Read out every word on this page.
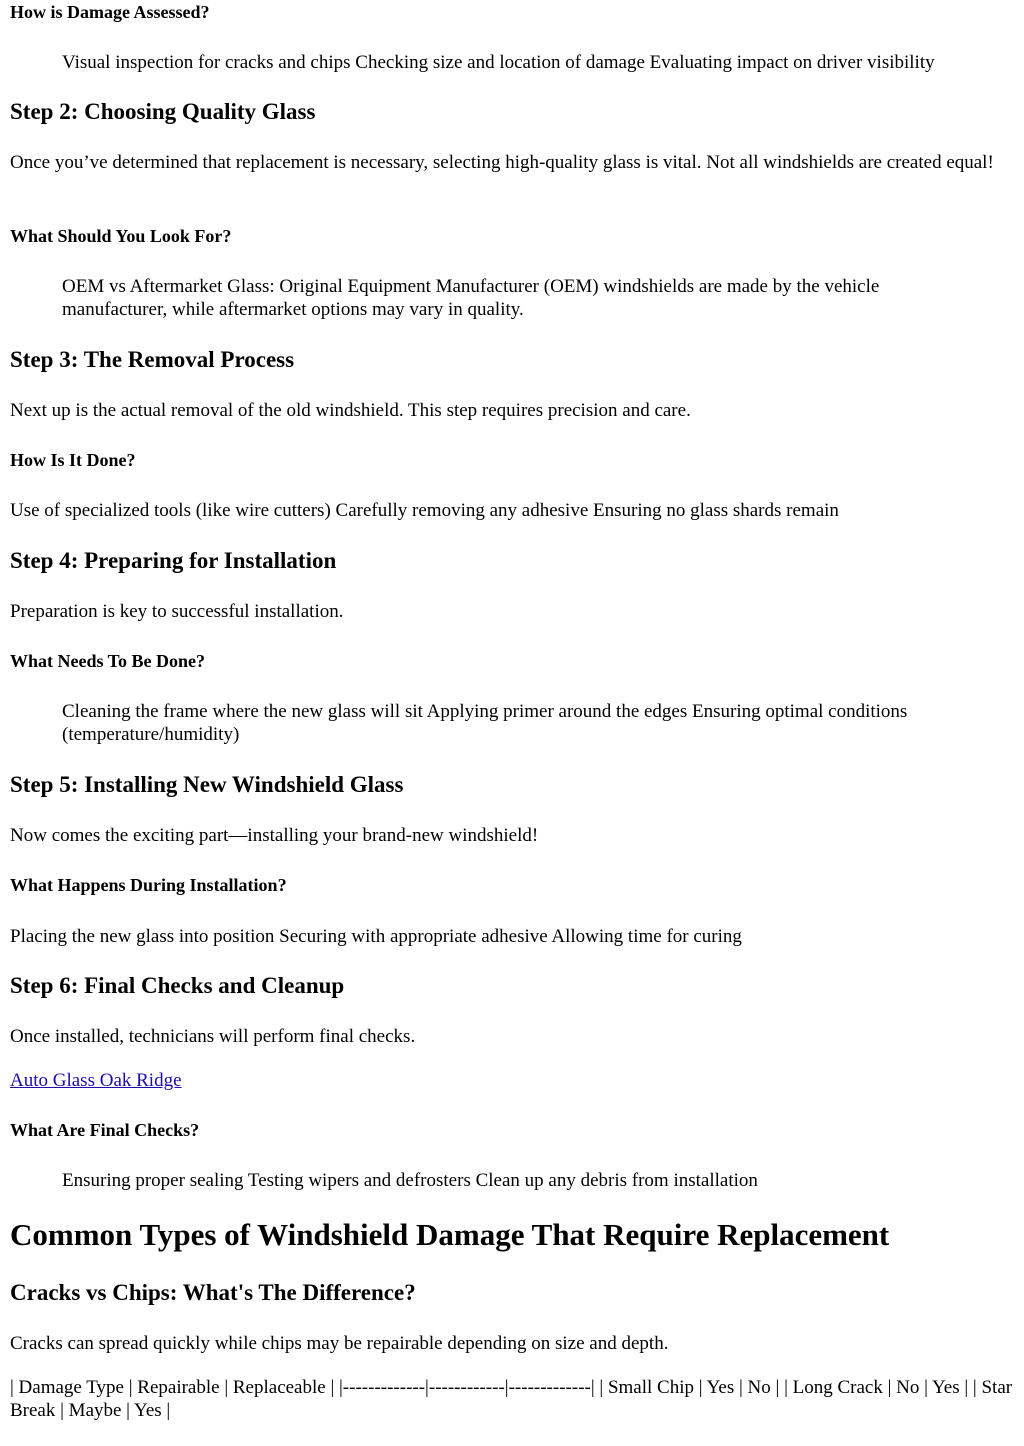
How is Damage Assessed?

Visual inspection for cracks and chips Checking size and location of damage Evaluating impact on driver visibility

Step 2: Choosing Quality Glass

Once you’ve determined that replacement is necessary, selecting high-quality glass is vital. Not all windshields are created equal!

What Should You Look For?

OEM vs Aftermarket Glass: Original Equipment Manufacturer (OEM) windshields are made by the vehicle manufacturer, while aftermarket options may vary in quality.

Step 3: The Removal Process

Next up is the actual removal of the old windshield. This step requires precision and care.

How Is It Done?

Use of specialized tools (like wire cutters) Carefully removing any adhesive Ensuring no glass shards remain

Step 4: Preparing for Installation

Preparation is key to successful installation.

What Needs To Be Done?

Cleaning the frame where the new glass will sit Applying primer around the edges Ensuring optimal conditions (temperature/humidity)

Step 5: Installing New Windshield Glass

Now comes the exciting part—installing your brand-new windshield!

What Happens During Installation?

Placing the new glass into position Securing with appropriate adhesive Allowing time for curing

Step 6: Final Checks and Cleanup

Once installed, technicians will perform final checks.

Auto Glass Oak Ridge
What Are Final Checks?

Ensuring proper sealing Testing wipers and defrosters Clean up any debris from installation

Common Types of Windshield Damage That Require Replacement
Cracks vs Chips: What's The Difference?

Cracks can spread quickly while chips may be repairable depending on size and depth.

| Damage Type | Repairable | Replaceable | |-------------|------------|-------------| | Small Chip | Yes | No | | Long Crack | No | Yes | | Star Break | Maybe | Yes |
